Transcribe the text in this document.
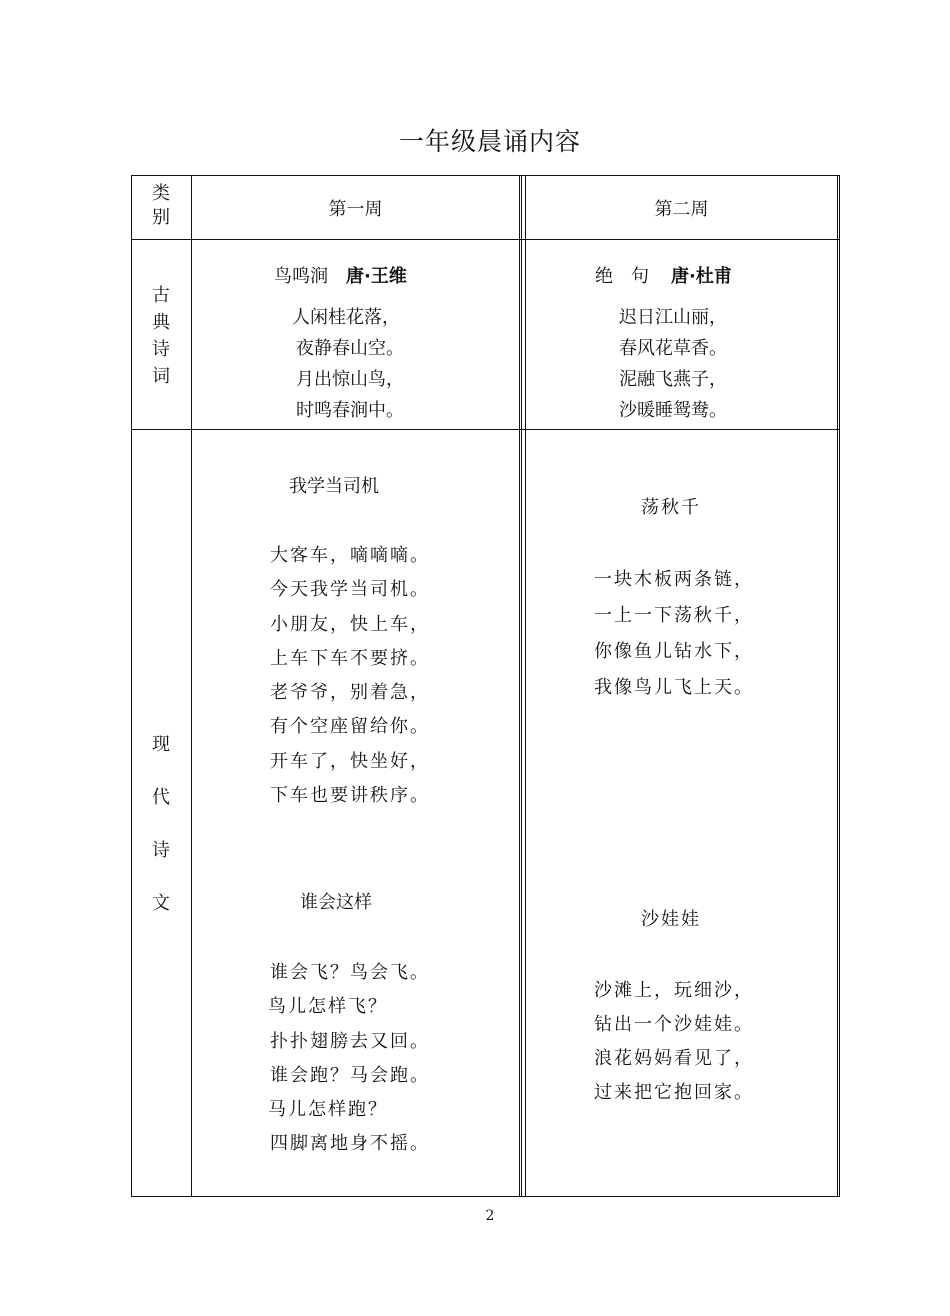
一年级晨诵内容
类别	第一周	第二周
古典诗词
鸟鸣涧 唐·王维
人闲桂花落，
夜静春山空。
月出惊山鸟，
时鸣春涧中。
绝　句 唐·杜甫
迟日江山丽，
春风花草香。
泥融飞燕子，
沙暖睡鸳鸯。
现代诗文
我学当司机
大客车，嘀嘀嘀。
今天我学当司机。
小朋友，快上车，
上车下车不要挤。
老爷爷，别着急，
有个空座留给你。
开车了，快坐好，
下车也要讲秩序。
谁会这样
谁会飞？鸟会飞。
鸟儿怎样飞？
扑扑翅膀去又回。
谁会跑？马会跑。
马儿怎样跑？
四脚离地身不摇。
荡秋千
一块木板两条链，
一上一下荡秋千，
你像鱼儿钻水下，
我像鸟儿飞上天。
沙娃娃
沙滩上，玩细沙，
钻出一个沙娃娃。
浪花妈妈看见了，
过来把它抱回家。
2
